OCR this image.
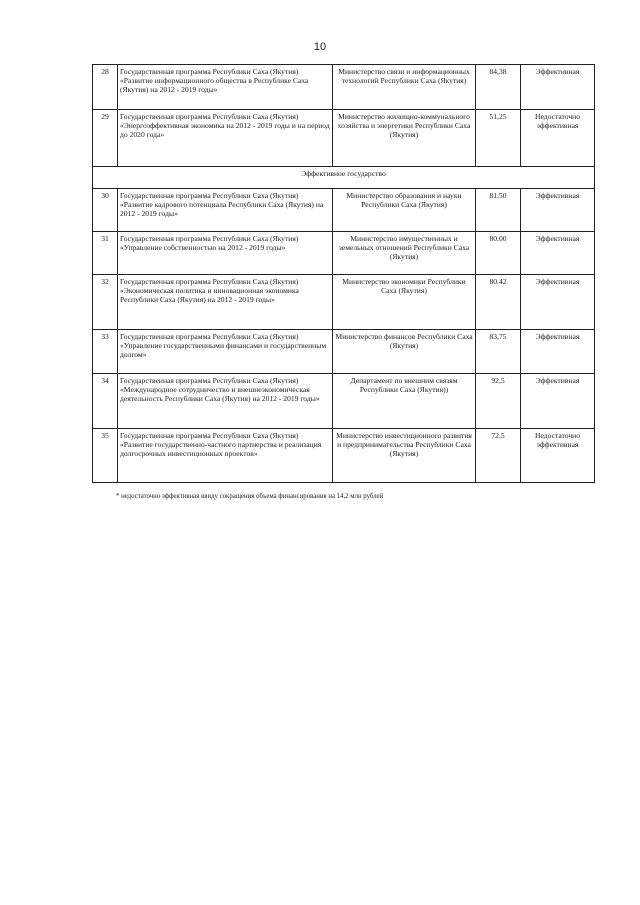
10
28	Государственная программа Республики Саха (Якутия) «Развитие информационного общества в Республике Саха (Якутия) на 2012 - 2019 годы»	Министерство связи и информационных технологий Республики Саха (Якутия)	84,38	Эффективная
29	Государственная программа Республики Саха (Якутия) «Энергоэффективная экономика на 2012 - 2019 годы и на период до 2020 года»	Министерство жилищно-коммунального хозяйства и энергетики Республики Саха (Якутия)	51,25	Недостаточно эффективная
Эффективное государство				
30	Государственная программа Республики Саха (Якутия) «Развитие кадрового потенциала Республики Саха (Якутия) на 2012 - 2019 годы»	Министерство образования и науки Республики Саха (Якутия)	81.50	Эффективная
31	Государственная программа Республики Саха (Якутия) «Управление собственностью на 2012 - 2019 годы»	Министерство имущественных и земельных отношений Республики Саха (Якутия)	80.00	Эффективная
32	Государственная программа Республики Саха (Якутия) «Экономическая политика и инновационная экономика Республики Саха (Якутия) на 2012 - 2019 годы»	Министерство экономики Республики Саха (Якутия)	80.42	Эффективная
33	Государственная программа Республики Саха (Якутия) «Управление государственными финансами и государственным долгом»	Министерство финансов Республики Саха (Якутия)	83,75	Эффективная
34	Государственная программа Республики Саха (Якутия) «Международное сотрудничество и внешнеэкономическая деятельность Республики Саха (Якутия) на 2012 - 2019 годы»	Департамент по внешним связям Республики Саха (Якутия))	92,5	Эффективная
35	Государственная программа Республики Саха (Якутия) «Развитие государственно-частного партнерства и реализация долгосрочных инвестиционных проектов»	Министерство инвестиционного развития и предпринимательства Республики Саха (Якутия)	72,5	Недостаточно эффективная
* недостаточно эффективная ввиду сокращения объема финансирования на 14,2 млн рублей
